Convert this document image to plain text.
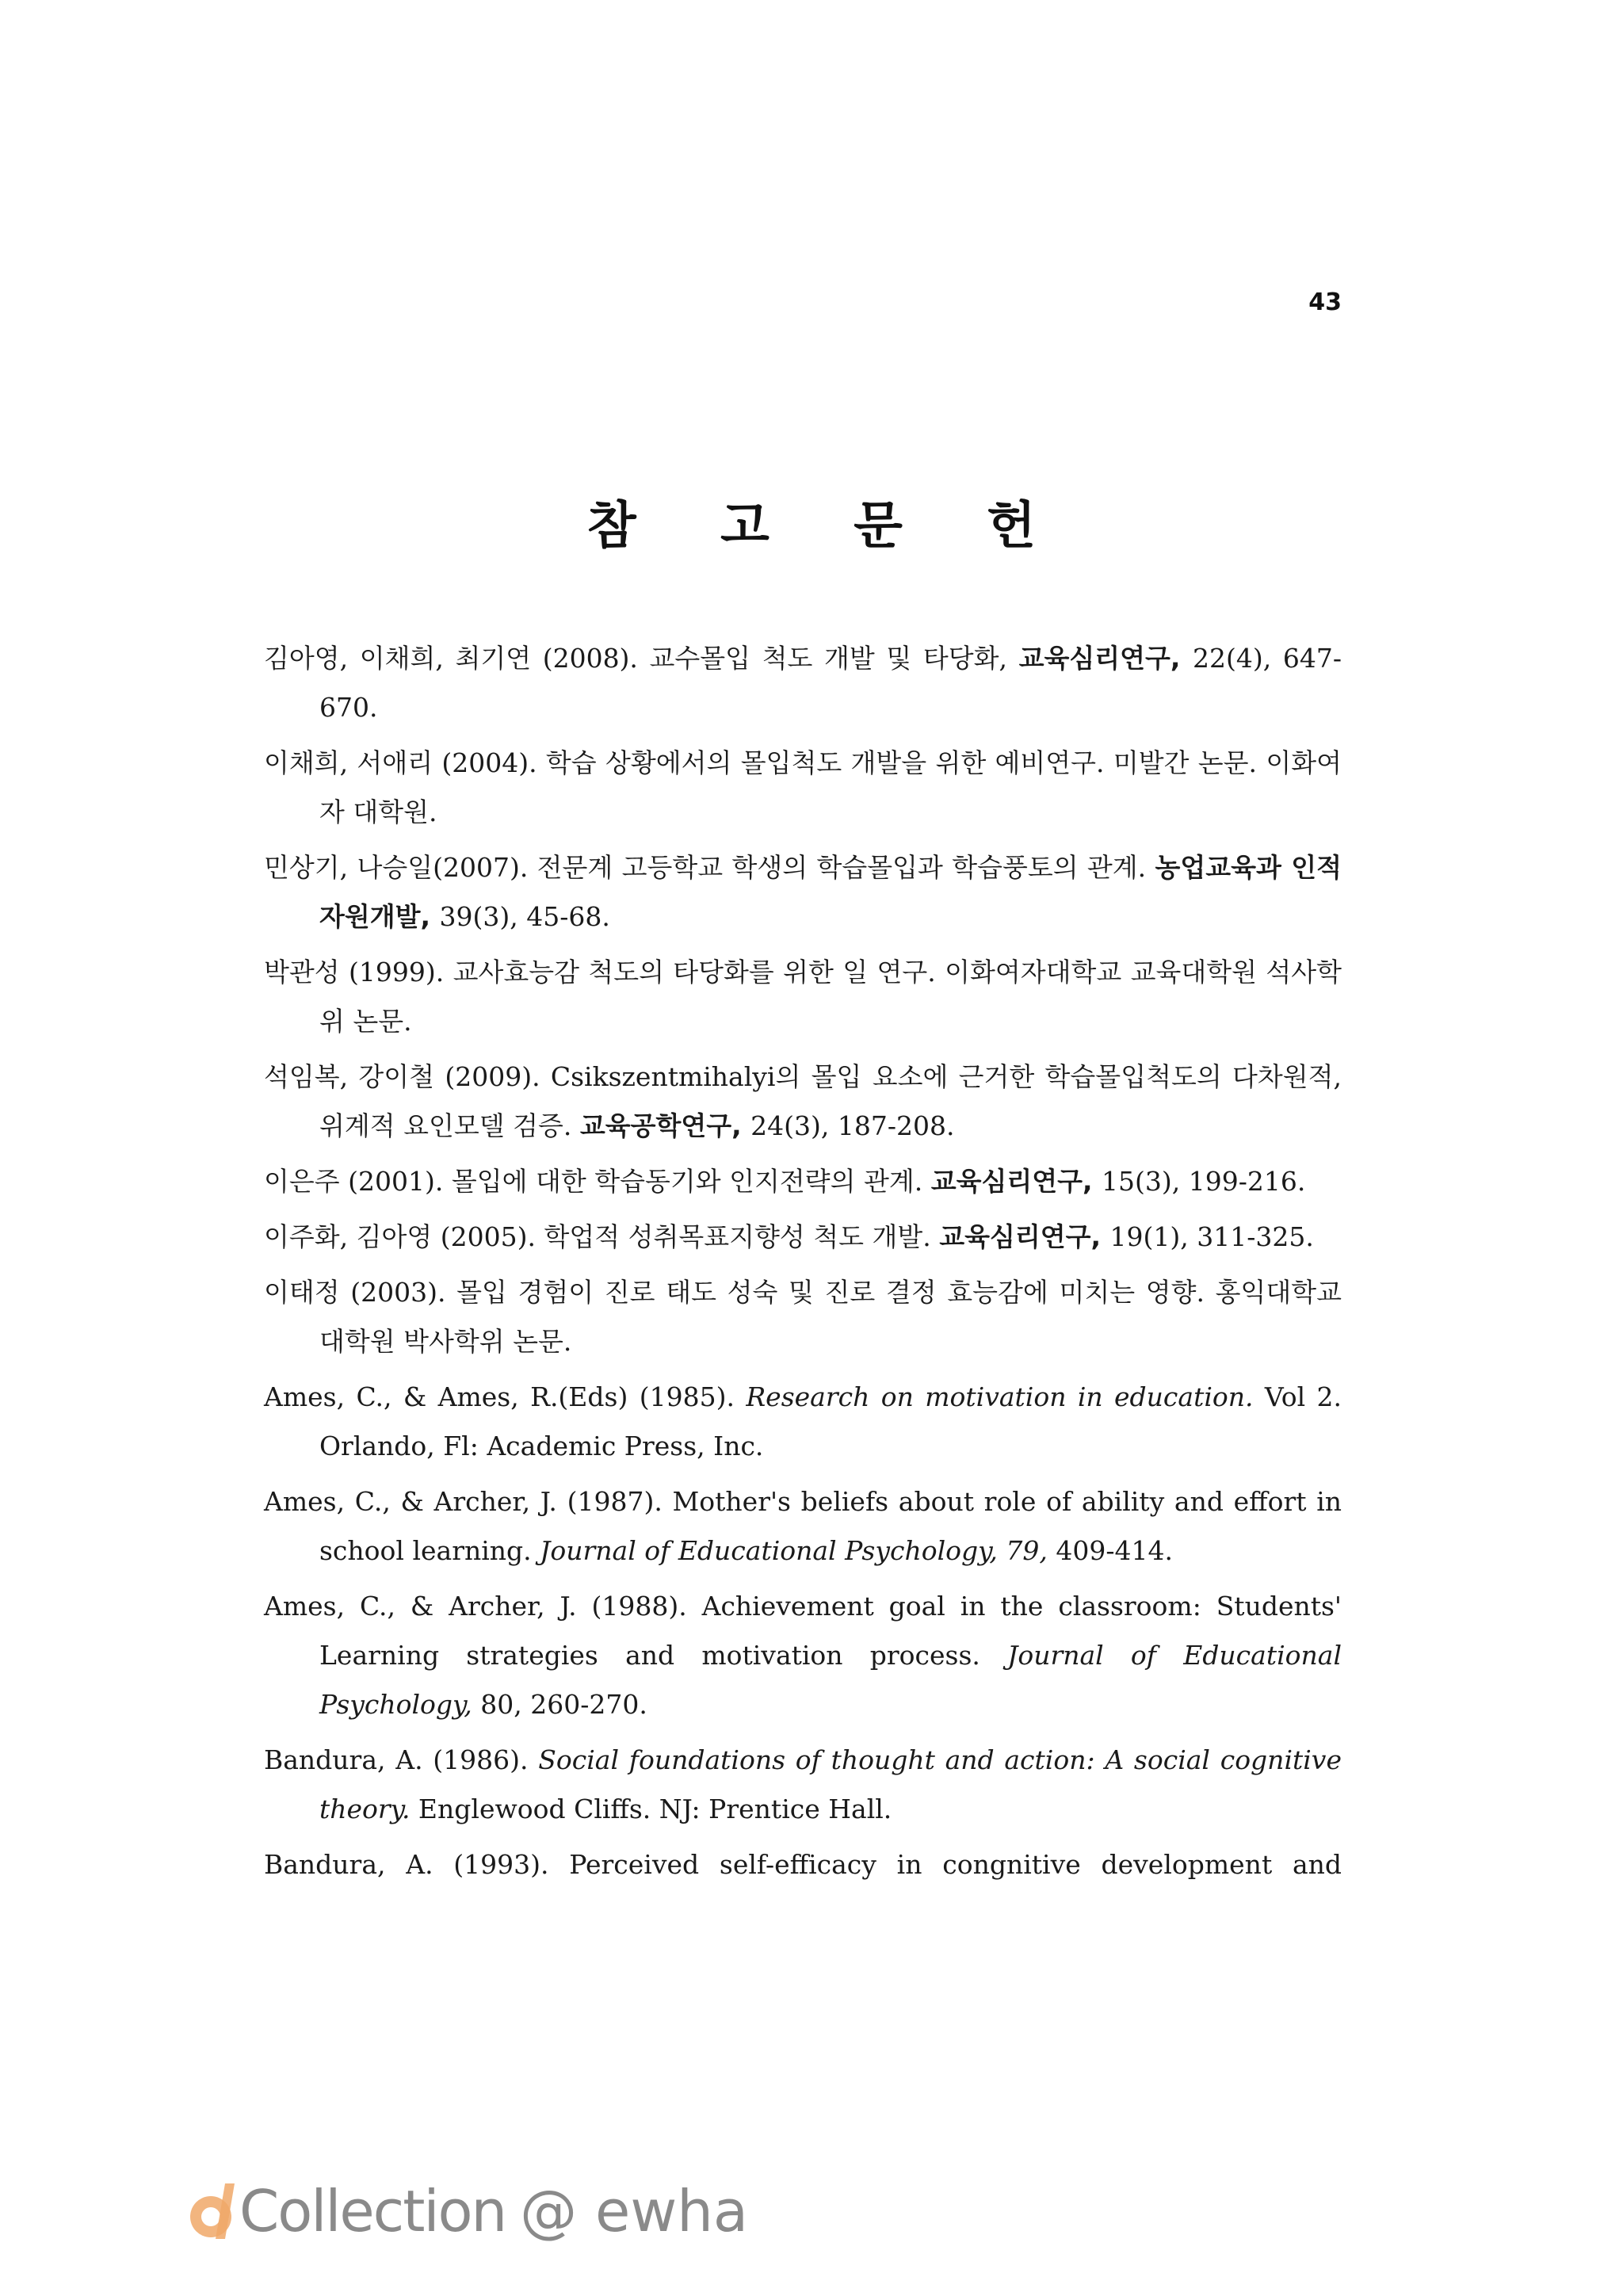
43
참 고 문 헌
김아영, 이채희, 최기연 (2008). 교수몰입 척도 개발 및 타당화, 교육심리연구, 22(4), 647-670.
이채희, 서애리 (2004). 학습 상황에서의 몰입척도 개발을 위한 예비연구. 미발간 논문. 이화여자 대학원.
민상기, 나승일(2007). 전문계 고등학교 학생의 학습몰입과 학습풍토의 관계. 농업교육과 인적자원개발, 39(3), 45-68.
박관성 (1999). 교사효능감 척도의 타당화를 위한 일 연구. 이화여자대학교 교육대학원 석사학위 논문.
석임복, 강이철 (2009). Csikszentmihalyi의 몰입 요소에 근거한 학습몰입척도의 다차원적, 위계적 요인모델 검증. 교육공학연구, 24(3), 187-208.
이은주 (2001). 몰입에 대한 학습동기와 인지전략의 관계. 교육심리연구, 15(3), 199-216.
이주화, 김아영 (2005). 학업적 성취목표지향성 척도 개발. 교육심리연구, 19(1), 311-325.
이태정 (2003). 몰입 경험이 진로 태도 성숙 및 진로 결정 효능감에 미치는 영향. 홍익대학교 대학원 박사학위 논문.
Ames, C., & Ames, R.(Eds) (1985). Research on motivation in education. Vol 2. Orlando, Fl: Academic Press, Inc.
Ames, C., & Archer, J. (1987). Mother's beliefs about role of ability and effort in school learning. Journal of Educational Psychology, 79, 409-414.
Ames, C., & Archer, J. (1988). Achievement goal in the classroom: Students' Learning strategies and motivation process. Journal of Educational Psychology, 80, 260-270.
Bandura, A. (1986). Social foundations of thought and action: A social cognitive theory. Englewood Cliffs. NJ: Prentice Hall.
Bandura, A. (1993). Perceived self-efficacy in congnitive development and
Collection @ ewha
